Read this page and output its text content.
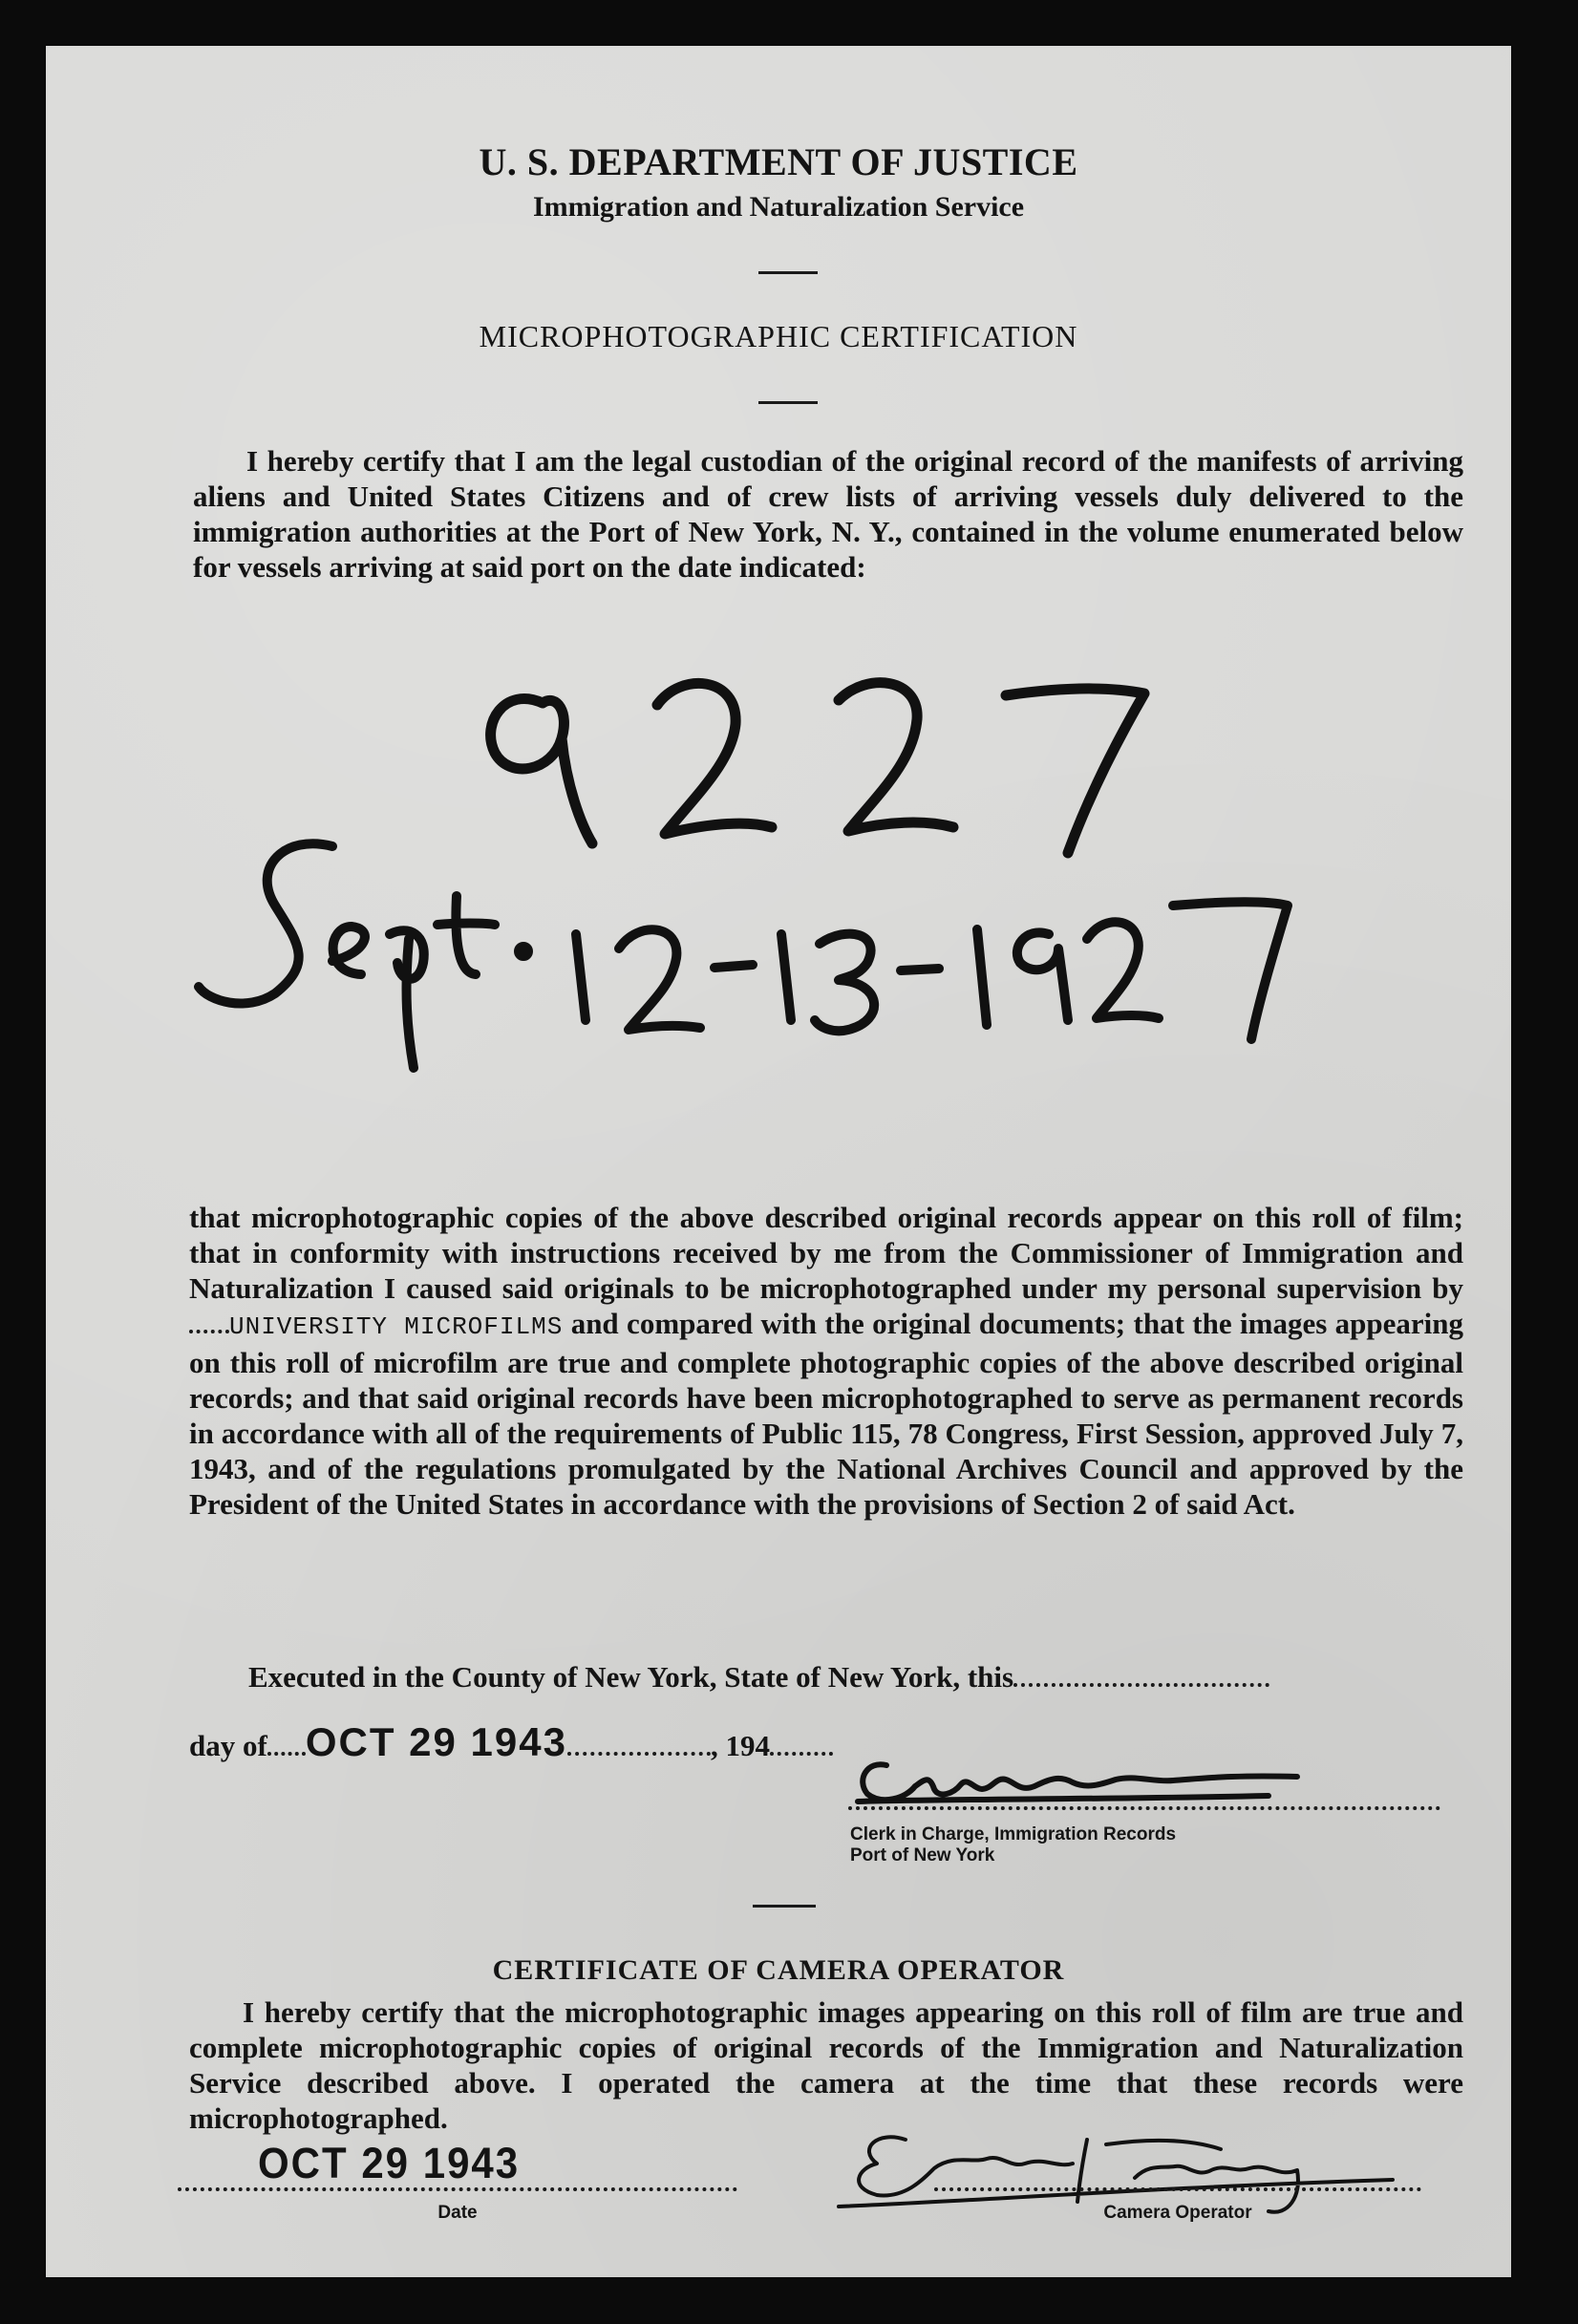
U. S. DEPARTMENT OF JUSTICE
Immigration and Naturalization Service
MICROPHOTOGRAPHIC CERTIFICATION

I hereby certify that I am the legal custodian of the original record of the manifests of arriving aliens and United States Citizens and of crew lists of arriving vessels duly delivered to the immigration authorities at the Port of New York, N. Y., contained in the volume enumerated below for vessels arriving at said port on the date indicated:

that microphotographic copies of the above described original records appear on this roll of film; that in conformity with instructions received by me from the Commissioner of Immigration and Naturalization I caused said originals to be microphotographed under my personal supervision byUNIVERSITY MICROFILMS and compared with the original documents; that the images appearing on this roll of microfilm are true and complete photographic copies of the above described original records; and that said original records have been microphotographed to serve as permanent records in accordance with all of the requirements of Public 115, 78 Congress, First Session, approved July 7, 1943, and of the regulations promulgated by the National Archives Council and approved by the President of the United States in accordance with the provisions of Section 2 of said Act.

Executed in the County of New York, State of New York, this
day of OCT 29 1943	, 194
Clerk in Charge, Immigration Records
Port of New York
CERTIFICATE OF CAMERA OPERATOR

I hereby certify that the microphotographic images appearing on this roll of film are true and complete microphotographic copies of original records of the Immigration and Naturalization Service described above. I operated the camera at the time that these records were microphotographed.

OCT 29 1943
Date	Camera Operator
